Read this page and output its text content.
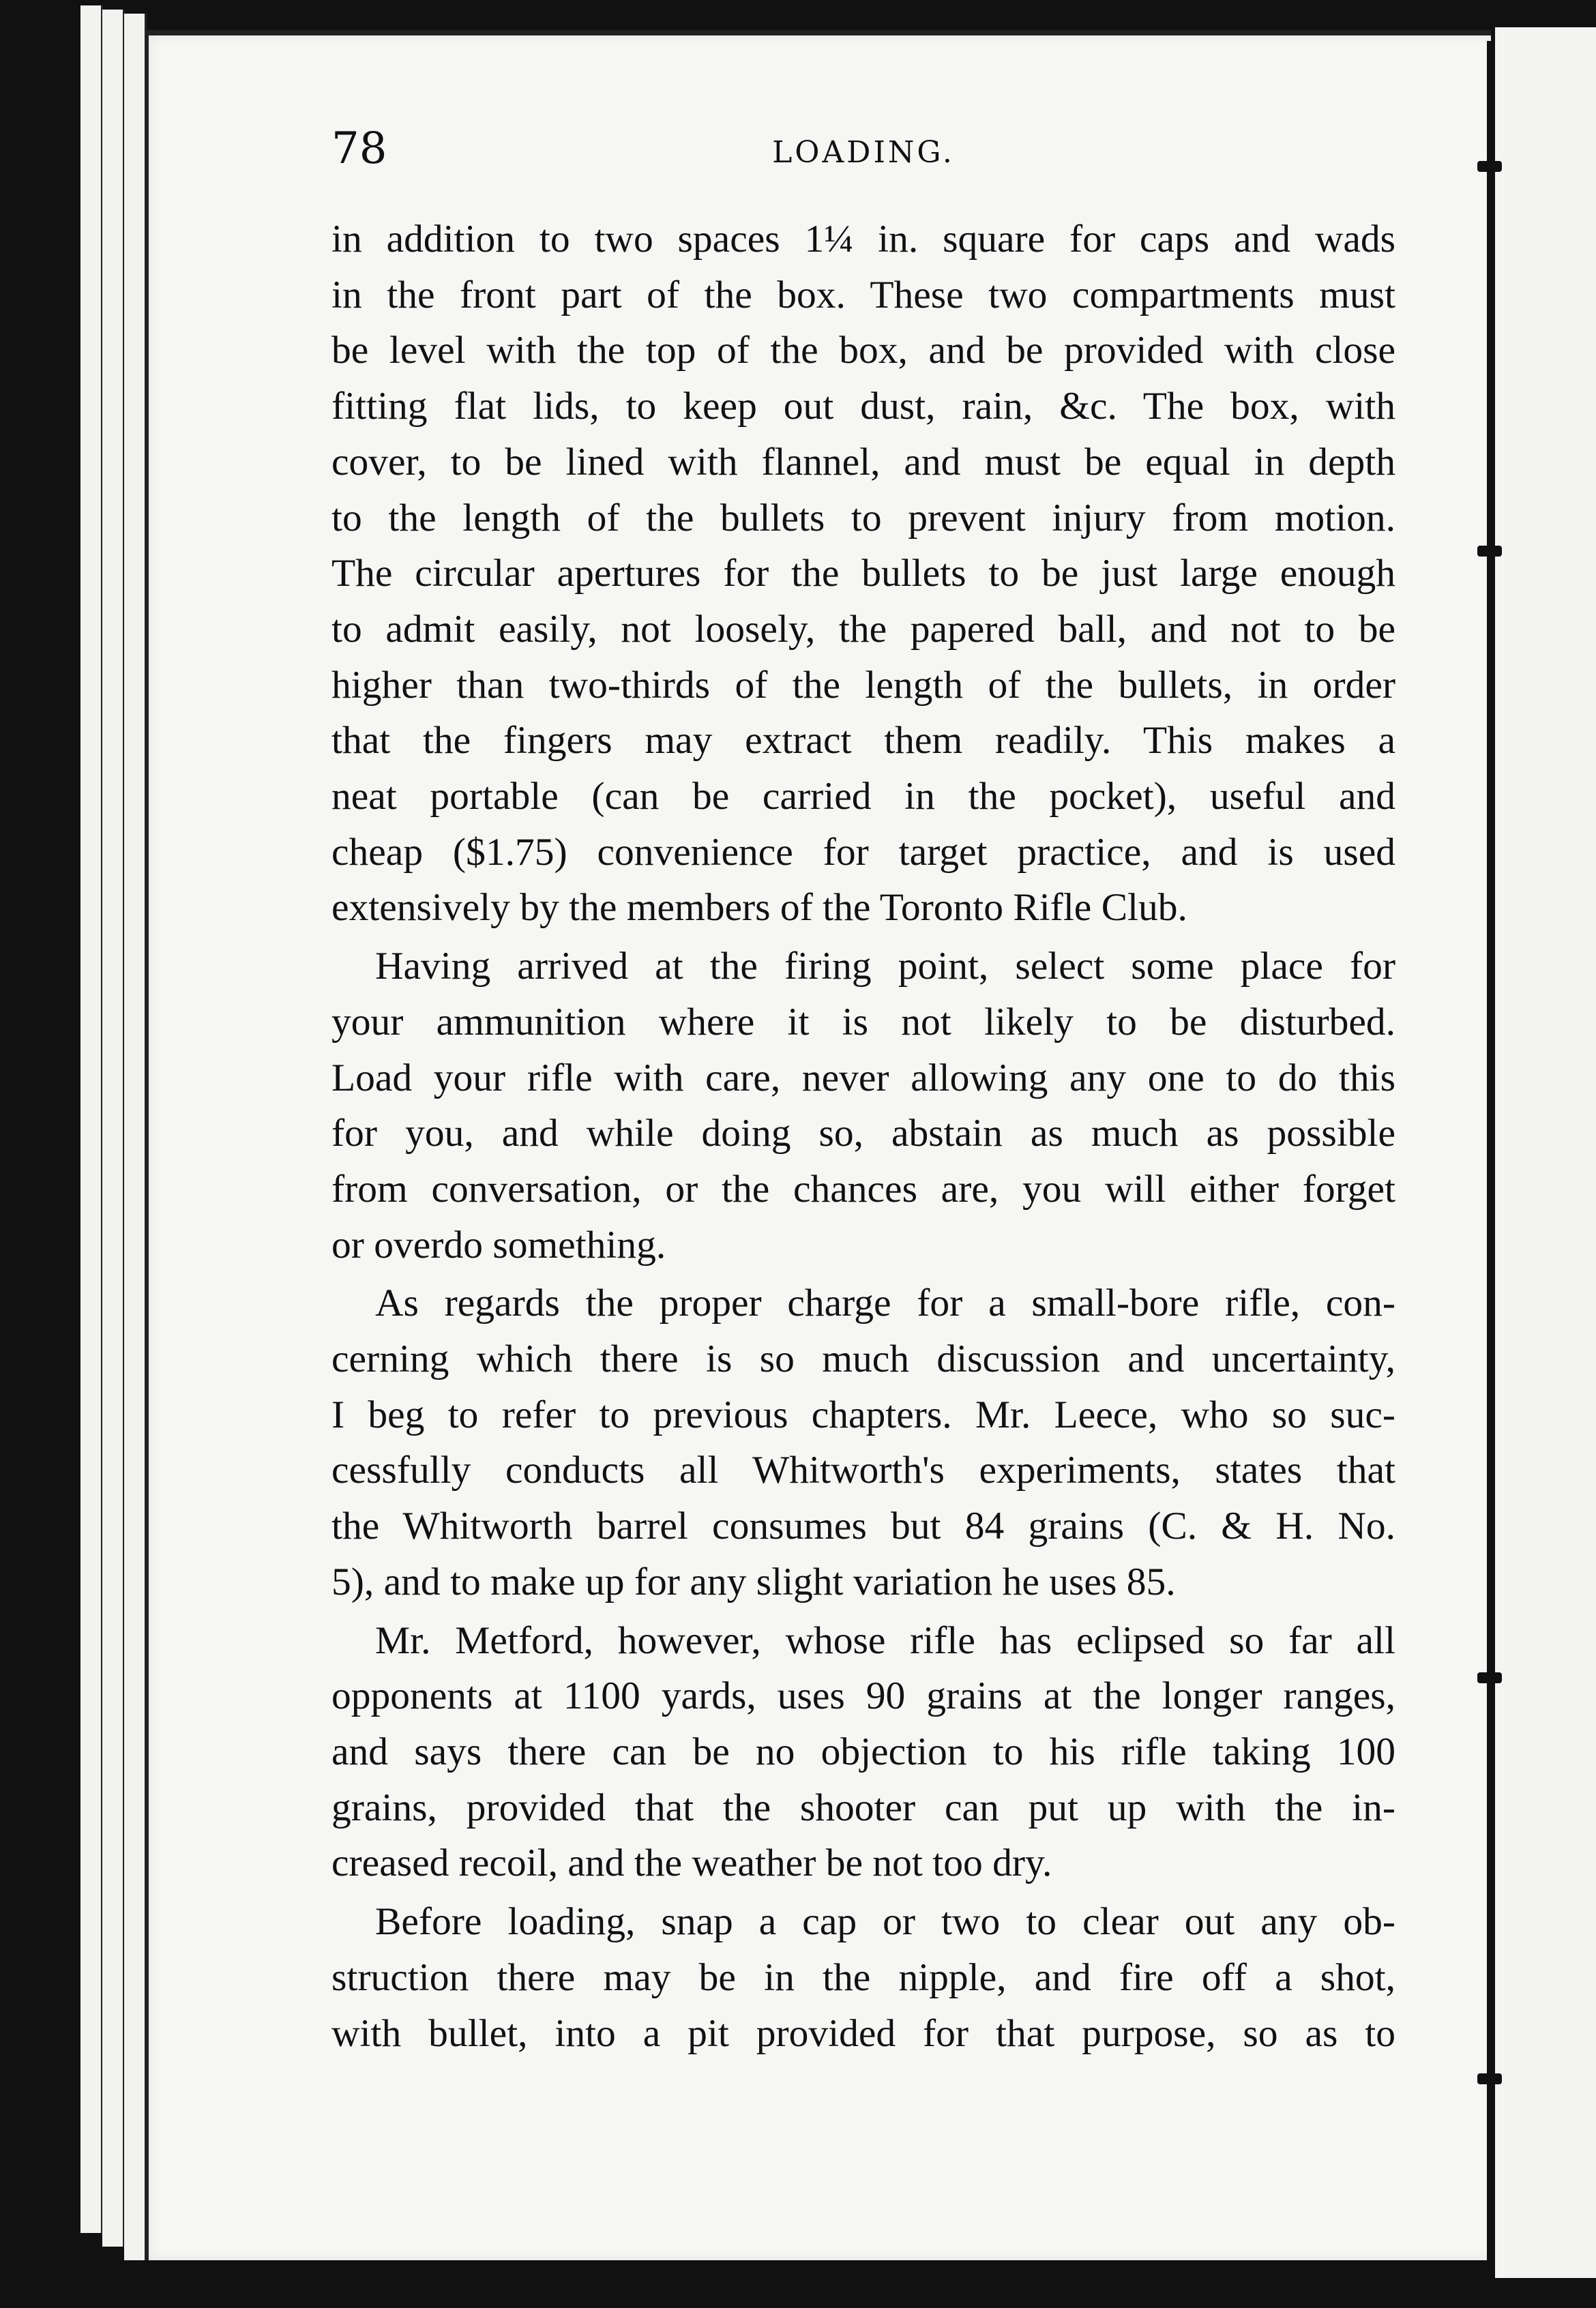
78	LOADING.
in addition to two spaces 1¼ in. square for caps and wads
in the front part of the box. These two compartments must
be level with the top of the box, and be provided with close
fitting flat lids, to keep out dust, rain, &c. The box, with
cover, to be lined with flannel, and must be equal in depth
to the length of the bullets to prevent injury from motion.
The circular apertures for the bullets to be just large enough
to admit easily, not loosely, the papered ball, and not to be
higher than two-thirds of the length of the bullets, in order
that the fingers may extract them readily. This makes a
neat portable (can be carried in the pocket), useful and
cheap ($1.75) convenience for target practice, and is used
extensively by the members of the Toronto Rifle Club.
Having arrived at the firing point, select some place for
your ammunition where it is not likely to be disturbed.
Load your rifle with care, never allowing any one to do this
for you, and while doing so, abstain as much as possible
from conversation, or the chances are, you will either forget
or overdo something.
As regards the proper charge for a small-bore rifle, con-
cerning which there is so much discussion and uncertainty,
I beg to refer to previous chapters. Mr. Leece, who so suc-
cessfully conducts all Whitworth's experiments, states that
the Whitworth barrel consumes but 84 grains (C. & H. No.
5), and to make up for any slight variation he uses 85.
Mr. Metford, however, whose rifle has eclipsed so far all
opponents at 1100 yards, uses 90 grains at the longer ranges,
and says there can be no objection to his rifle taking 100
grains, provided that the shooter can put up with the in-
creased recoil, and the weather be not too dry.
Before loading, snap a cap or two to clear out any ob-
struction there may be in the nipple, and fire off a shot,
with bullet, into a pit provided for that purpose, so as to
